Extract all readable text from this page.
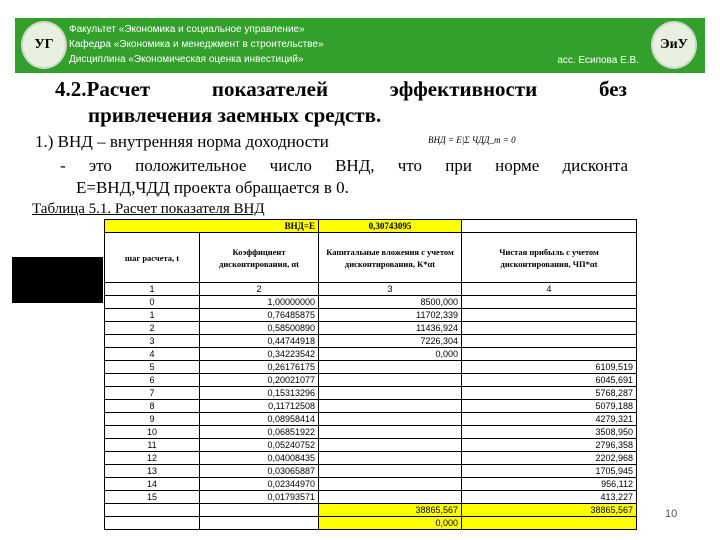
УГ
Факультет «Экономика и социальное управление»
Кафедра «Экономика и менеджмент в строительстве»
Дисциплина «Экономическая оценка инвестиций»	асс. Есипова Е.В.
ЭиУ
4.2.Расчет показателей эффективности без
привлечения заемных средств.
1.) ВНД – внутренняя норма доходности	ВНД = E|Σ ЧДД_m = 0
- это положительное число ВНД, что при норме дисконта
Е=ВНД,ЧДД проекта обращается в 0.
Таблица 5.1. Расчет показателя ВНД
ВНД=Е		0,30743095	
шаг расчета, t	Коэффициент дисконтирования, αt	Капитальные вложения с учетом дисконтирования, К*αt	Чистая прибыль с учетом дисконтирования, ЧП*αt
1	2	3	4
0	1,00000000	8500,000	
1	0,76485875	11702,339	
2	0,58500890	11436,924	
3	0,44744918	7226,304	
4	0,34223542	0,000	
5	0,26176175		6109,519
6	0,20021077		6045,691
7	0,15313296		5768,287
8	0,11712508		5079,188
9	0,08958414		4279,321
10	0,06851922		3508,950
11	0,05240752		2796,358
12	0,04008435		2202,968
13	0,03065887		1705,945
14	0,02344970		956,112
15	0,01793571		413,227
		38865,567	38865,567
		0,000	
10
